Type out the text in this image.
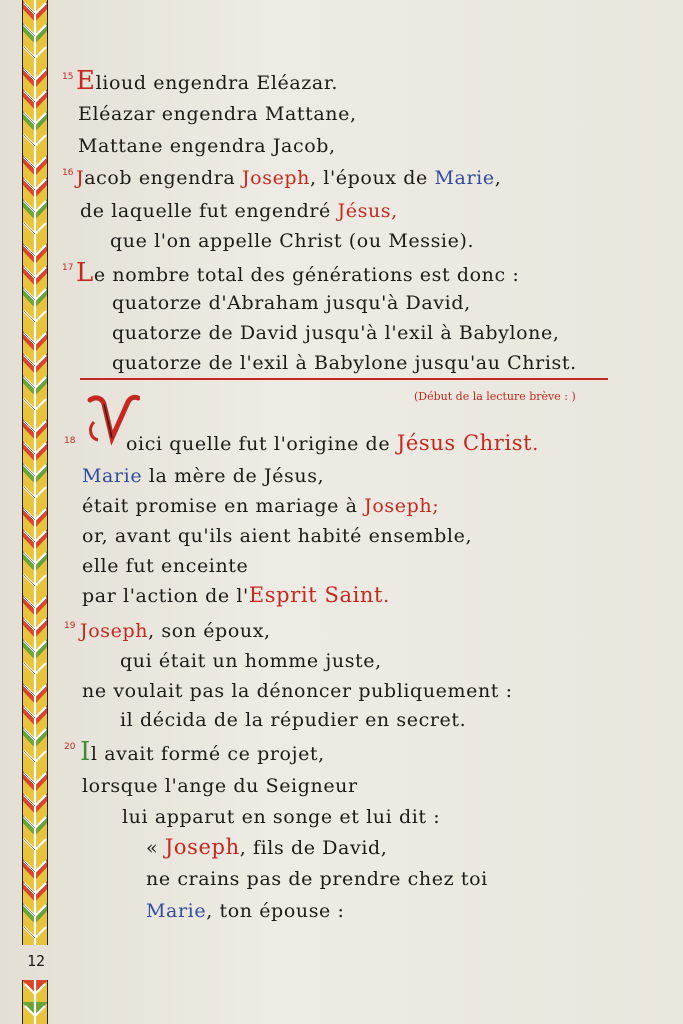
12
15 Elioud engendra Eléazar.
Eléazar engendra Mattane,
Mattane engendra Jacob,
16 Jacob engendra Joseph, l'époux de Marie,
de laquelle fut engendré Jésus,
que l'on appelle Christ (ou Messie).
17 Le nombre total des générations est donc :
quatorze d'Abraham jusqu'à David,
quatorze de David jusqu'à l'exil à Babylone,
quatorze de l'exil à Babylone jusqu'au Christ.
(Début de la lecture brève : )
18
V
oici quelle fut l'origine de Jésus Christ.
Marie la mère de Jésus,
était promise en mariage à Joseph;
or, avant qu'ils aient habité ensemble,
elle fut enceinte
par l'action de l'Esprit Saint.
19 Joseph, son époux,
qui était un homme juste,
ne voulait pas la dénoncer publiquement :
il décida de la répudier en secret.
20 Il avait formé ce projet,
lorsque l'ange du Seigneur
lui apparut en songe et lui dit :
« Joseph, fils de David,
ne crains pas de prendre chez toi
Marie, ton épouse :
